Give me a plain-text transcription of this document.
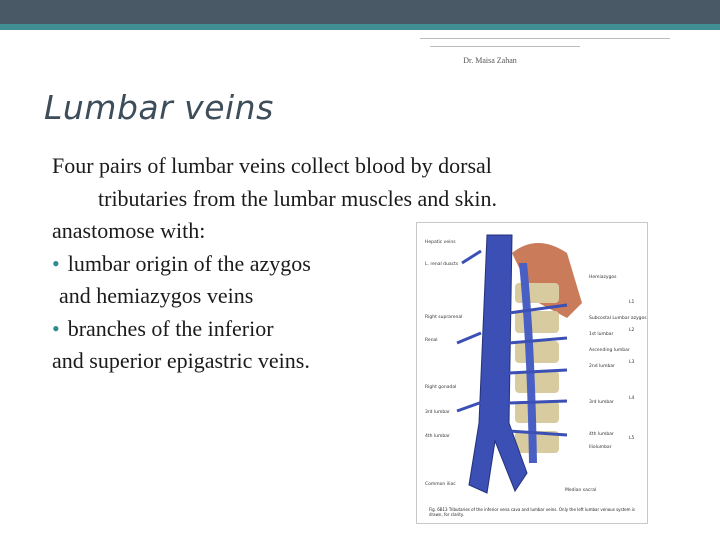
Dr. Maisa Zahan
Lumbar veins
Four pairs of lumbar veins collect blood by dorsal
tributaries from the lumbar muscles and skin.
anastomose with:
• lumbar origin of the azygos
and hemiazygos veins
• branches of the inferior
and superior epigastric veins.
Hepatic veins
Right suprarenal
Renal
Right gonadal
3rd lumbar
4th lumbar
Common iliac
Hemiazygos
L1
1st lumbar
L2
Ascending lumbar
2nd lumbar
L3
3rd lumbar
L4
4th lumbar
Iliolumbar
L5
Median sacral
L. renal duacts
Subcostal Lumbar azygos
Fig. 6B13 Tributaries of the inferior vena cava and lumbar veins. Only the left lumbar venous system is drawn, for clarity.
